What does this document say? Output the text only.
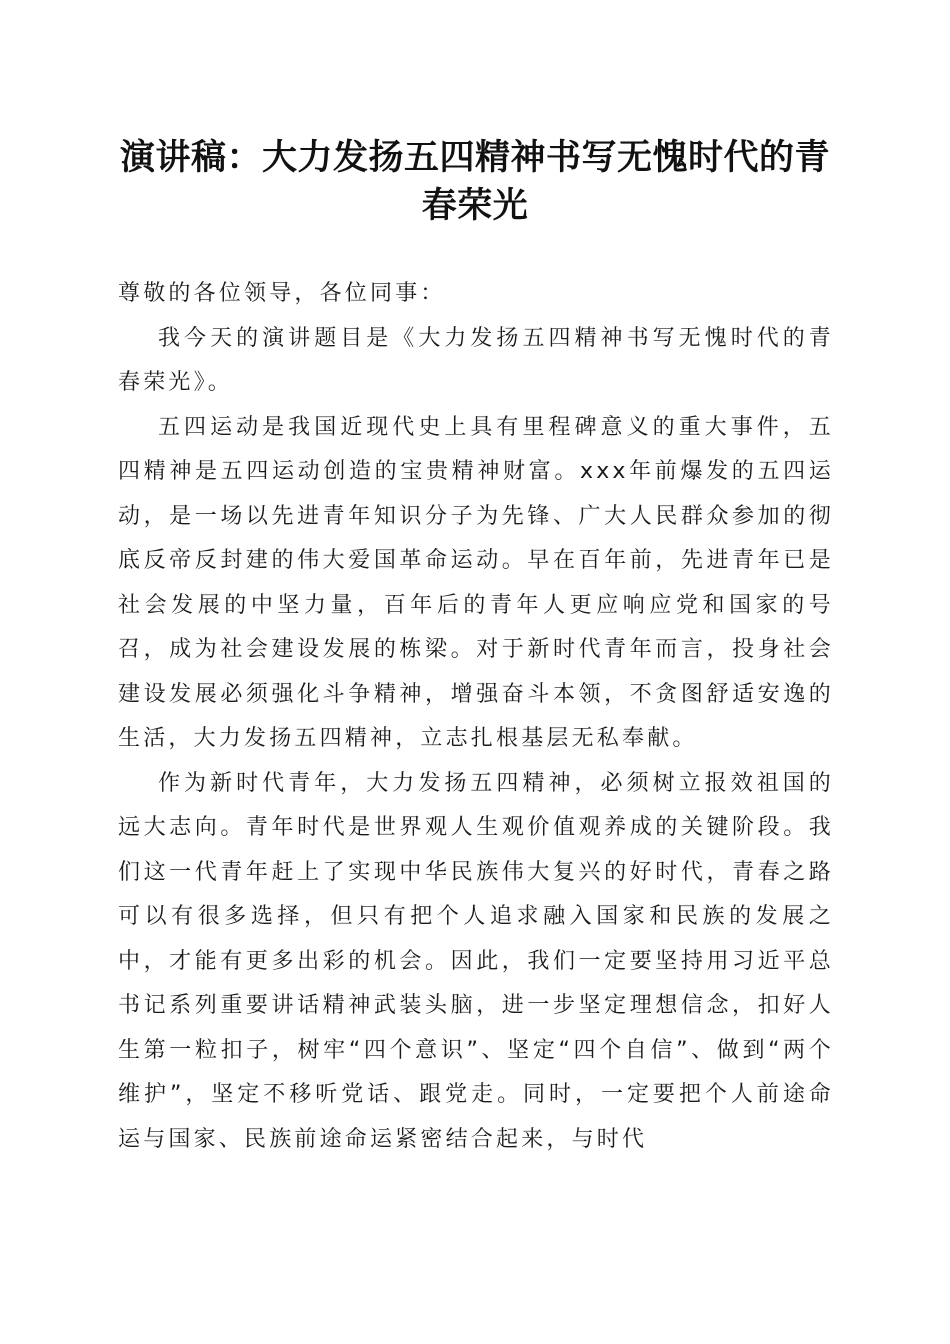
演讲稿：大力发扬五四精神书写无愧时代的青春荣光

尊敬的各位领导，各位同事：

我今天的演讲题目是《大力发扬五四精神书写无愧时代的青春荣光》。

五四运动是我国近现代史上具有里程碑意义的重大事件，五四精神是五四运动创造的宝贵精神财富。xxx年前爆发的五四运动，是一场以先进青年知识分子为先锋、广大人民群众参加的彻底反帝反封建的伟大爱国革命运动。早在百年前，先进青年已是社会发展的中坚力量，百年后的青年人更应响应党和国家的号召，成为社会建设发展的栋梁。对于新时代青年而言，投身社会建设发展必须强化斗争精神，增强奋斗本领，不贪图舒适安逸的生活，大力发扬五四精神，立志扎根基层无私奉献。

作为新时代青年，大力发扬五四精神，必须树立报效祖国的远大志向。青年时代是世界观人生观价值观养成的关键阶段。我们这一代青年赶上了实现中华民族伟大复兴的好时代，青春之路可以有很多选择，但只有把个人追求融入国家和民族的发展之中，才能有更多出彩的机会。因此，我们一定要坚持用习近平总书记系列重要讲话精神武装头脑，进一步坚定理想信念，扣好人生第一粒扣子，树牢“四个意识”、坚定“四个自信”、做到“两个维护”，坚定不移听党话、跟党走。同时，一定要把个人前途命运与国家、民族前途命运紧密结合起来，与时代
